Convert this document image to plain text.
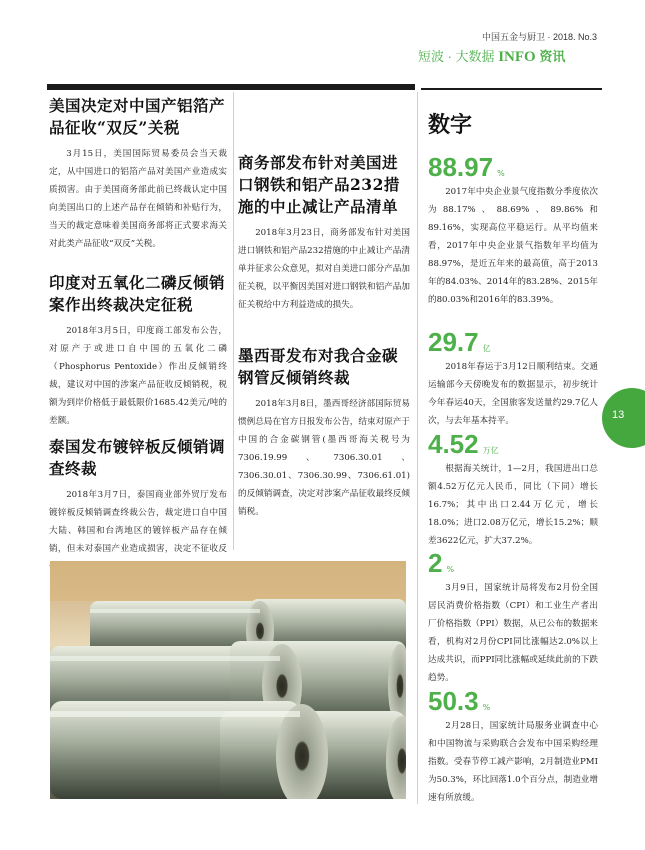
中国五金与厨卫 · 2018. No.3
短波 · 大数据 INFO 资讯
美国决定对中国产铝箔产品征收“双反”关税

3月15日，美国国际贸易委员会当天裁定，从中国进口的铝箔产品对美国产业造成实质损害。由于美国商务部此前已终裁认定中国向美国出口的上述产品存在倾销和补贴行为，当天的裁定意味着美国商务部将正式要求海关对此类产品征收“双反”关税。

印度对五氧化二磷反倾销案作出终裁决定征税

2018年3月5日，印度商工部发布公告，对原产于或进口自中国的五氧化二磷（Phosphorus Pentoxide）作出反倾销终裁，建议对中国的涉案产品征收反倾销税，税额为到岸价格低于最低限价1685.42美元/吨的差额。

泰国发布镀锌板反倾销调查终裁

2018年3月7日，泰国商业部外贸厅发布镀锌板反倾销调查终裁公告，裁定进口自中国大陆、韩国和台湾地区的镀锌板产品存在倾销，但未对泰国产业造成损害，决定不征收反

商务部发布针对美国进口钢铁和铝产品232措施的中止减让产品清单

2018年3月23日，商务部发布针对美国进口钢铁和铝产品232措施的中止减让产品清单并征求公众意见，拟对自美进口部分产品加征关税，以平衡因美国对进口钢铁和铝产品加征关税给中方利益造成的损失。

墨西哥发布对我合金碳钢管反倾销终裁

2018年3月8日，墨西哥经济部国际贸易惯例总局在官方日报发布公告，结束对原产于中国的合金碳钢管(墨西哥海关税号为7306.19.99、7306.30.01、7306.30.01、7306.30.99、7306.61.01)的反倾销调查，决定对涉案产品征收最终反倾销税。

数字
88.97 %

2017年中央企业景气度指数分季度依次为88.17%、88.69%、89.86%和89.16%，实现高位平稳运行。从平均值来看，2017年中央企业景气指数年平均值为88.97%，是近五年来的最高值，高于2013年的84.03%、2014年的83.28%、2015年的80.03%和2016年的83.39%。

29.7 亿

2018年春运于3月12日顺利结束。交通运输部今天傍晚发布的数据显示，初步统计今年春运40天，全国旅客发送量约29.7亿人次，与去年基本持平。

4.52 万亿

根据海关统计，1—2月，我国进出口总额4.52万亿元人民币，同比（下同）增长16.7%；其中出口2.44万亿元，增长18.0%；进口2.08万亿元，增长15.2%；顺差3622亿元，扩大37.2%。

2 %

3月9日，国家统计局将发布2月份全国居民消费价格指数（CPI）和工业生产者出厂价格指数（PPI）数据，从已公布的数据来看，机构对2月份CPI同比涨幅达2.0%以上达成共识，而PPI同比涨幅或延续此前的下跌趋势。

50.3 %

2月28日，国家统计局服务业调查中心和中国物流与采购联合会发布中国采购经理指数。受春节停工减产影响，2月制造业PMI为50.3%，环比回落1.0个百分点，制造业增速有所放缓。

13
